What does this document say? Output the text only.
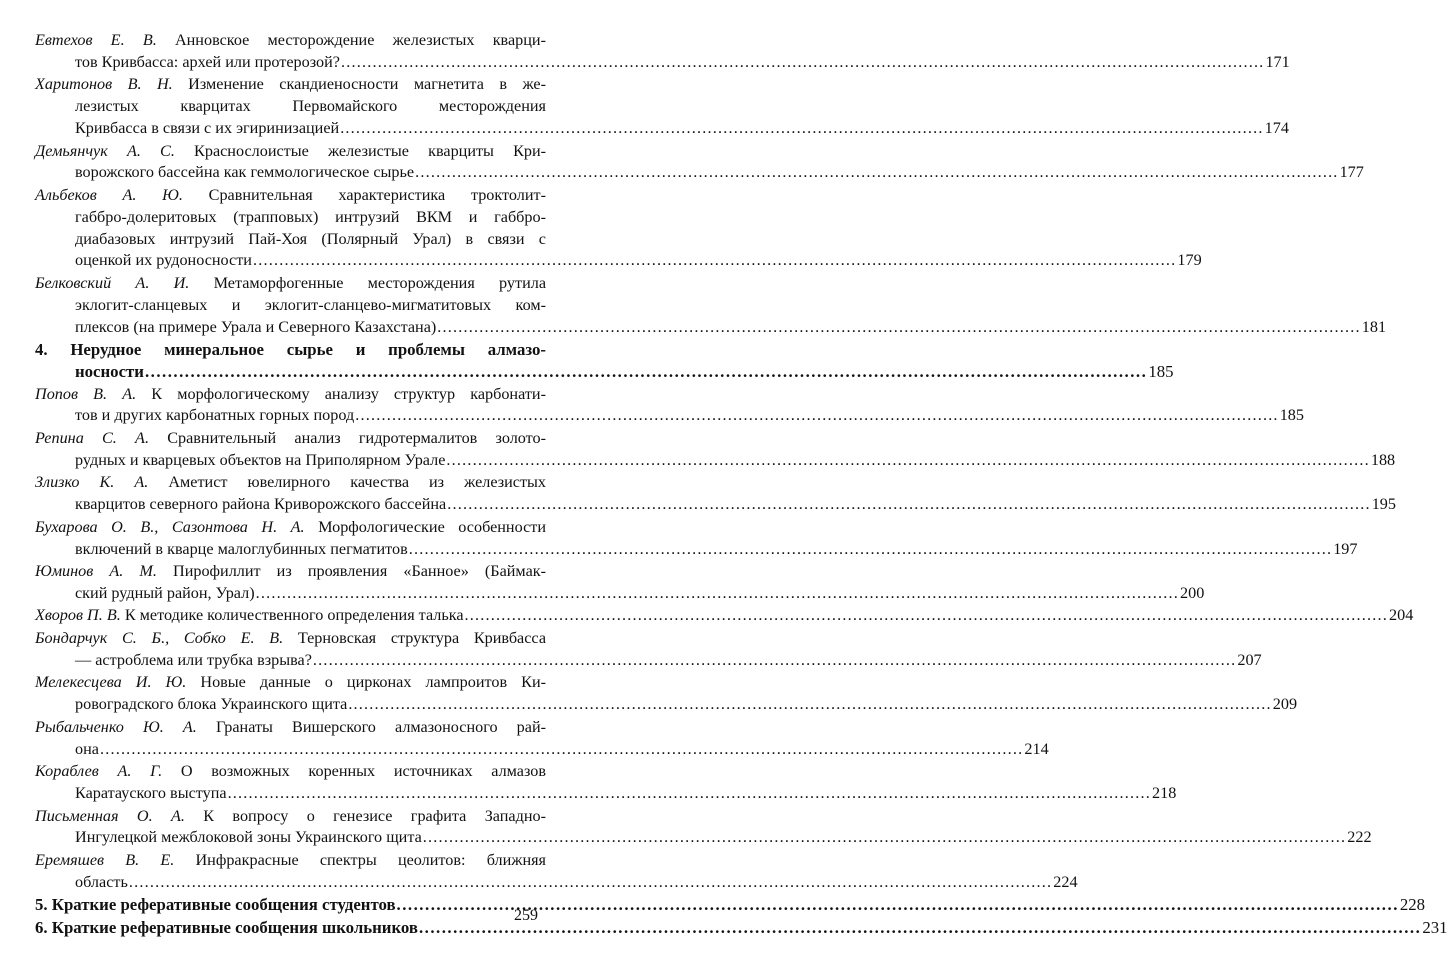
Евтехов Е. В. Анновское месторождение железистых кварци-
тов Кривбасса: архей или протерозой? .....	171
Харитонов В. Н. Изменение скандиеносности магнетита в же-
лезистых кварцитах Первомайского месторождения
Кривбасса в связи с их эгиринизацией .....	174
Демьянчук А. С. Краснослоистые железистые кварциты Кри-
ворожского бассейна как геммологическое сырье .....	177
Альбеков А. Ю. Сравнительная характеристика троктолит-
габбро-долеритовых (трапповых) интрузий ВКМ и габбро-
диабазовых интрузий Пай-Хоя (Полярный Урал) в связи с
оценкой их рудоносности .....	179
Белковский А. И. Метаморфогенные месторождения рутила
эклогит-сланцевых и эклогит-сланцево-мигматитовых ком-
плексов (на примере Урала и Северного Казахстана) .....	181
4. Нерудное минеральное сырье и проблемы алмазо-
носности .....	185
Попов В. А. К морфологическому анализу структур карбонати-
тов и других карбонатных горных пород .....	185
Репина С. А. Сравнительный анализ гидротермалитов золото-
рудных и кварцевых объектов на Приполярном Урале .....	188
Злизко К. А. Аметист ювелирного качества из железистых
кварцитов северного района Криворожского бассейна .....	195
Бухарова О. В., Сазонтова Н. А. Морфологические особенности
включений в кварце малоглубинных пегматитов .....	197
Юминов А. М. Пирофиллит из проявления «Банное» (Баймак-
ский рудный район, Урал) .....	200
Хворов П. В. К методике количественного определения талька .....	204
Бондарчук С. Б., Собко Е. В. Терновская структура Кривбасса
— астроблема или трубка взрыва? .....	207
Мелекесцева И. Ю. Новые данные о цирконах лампроитов Ки-
ровоградского блока Украинского щита .....	209
Рыбальченко Ю. А. Гранаты Вишерского алмазоносного рай-
она .....	214
Кораблев А. Г. О возможных коренных источниках алмазов
Каратауского выступа .....	218
Письменная О. А. К вопросу о генезисе графита Западно-
Ингулецкой межблоковой зоны Украинского щита .....	222
Еремяшев В. Е. Инфракрасные спектры цеолитов: ближняя
область .....	224
5. Краткие реферативные сообщения студентов .....	228
6. Краткие реферативные сообщения школьников .....	231
259
